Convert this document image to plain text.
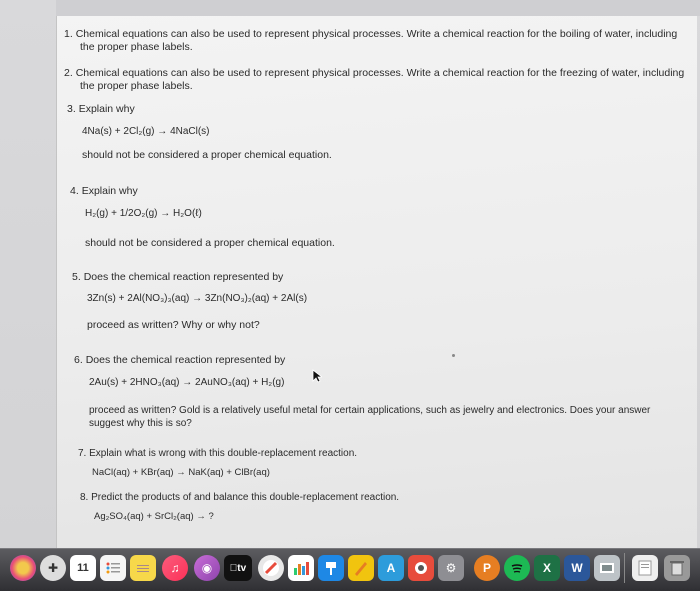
1. Chemical equations can also be used to represent physical processes. Write a chemical reaction for the boiling of water, including
the proper phase labels.
2. Chemical equations can also be used to represent physical processes. Write a chemical reaction for the freezing of water, including
the proper phase labels.
3. Explain why
4Na(s) + 2Cl₂(g) → 4NaCl(s)
should not be considered a proper chemical equation.
4. Explain why
H₂(g) + 1/2O₂(g) → H₂O(ℓ)
should not be considered a proper chemical equation.
5. Does the chemical reaction represented by
3Zn(s) + 2Al(NO₃)₃(aq) → 3Zn(NO₃)₂(aq) + 2Al(s)
proceed as written? Why or why not?
6. Does the chemical reaction represented by
2Au(s) + 2HNO₃(aq) → 2AuNO₃(aq) + H₂(g)
proceed as written? Gold is a relatively useful metal for certain applications, such as jewelry and electronics. Does your answer
suggest why this is so?
7. Explain what is wrong with this double-replacement reaction.
NaCl(aq) + KBr(aq) → NaK(aq) + ClBr(aq)
8. Predict the products of and balance this double-replacement reaction.
Ag₂SO₄(aq) + SrCl₂(aq) → ?
✚	11	♫	◉	tv	A	⚙	P	X W
